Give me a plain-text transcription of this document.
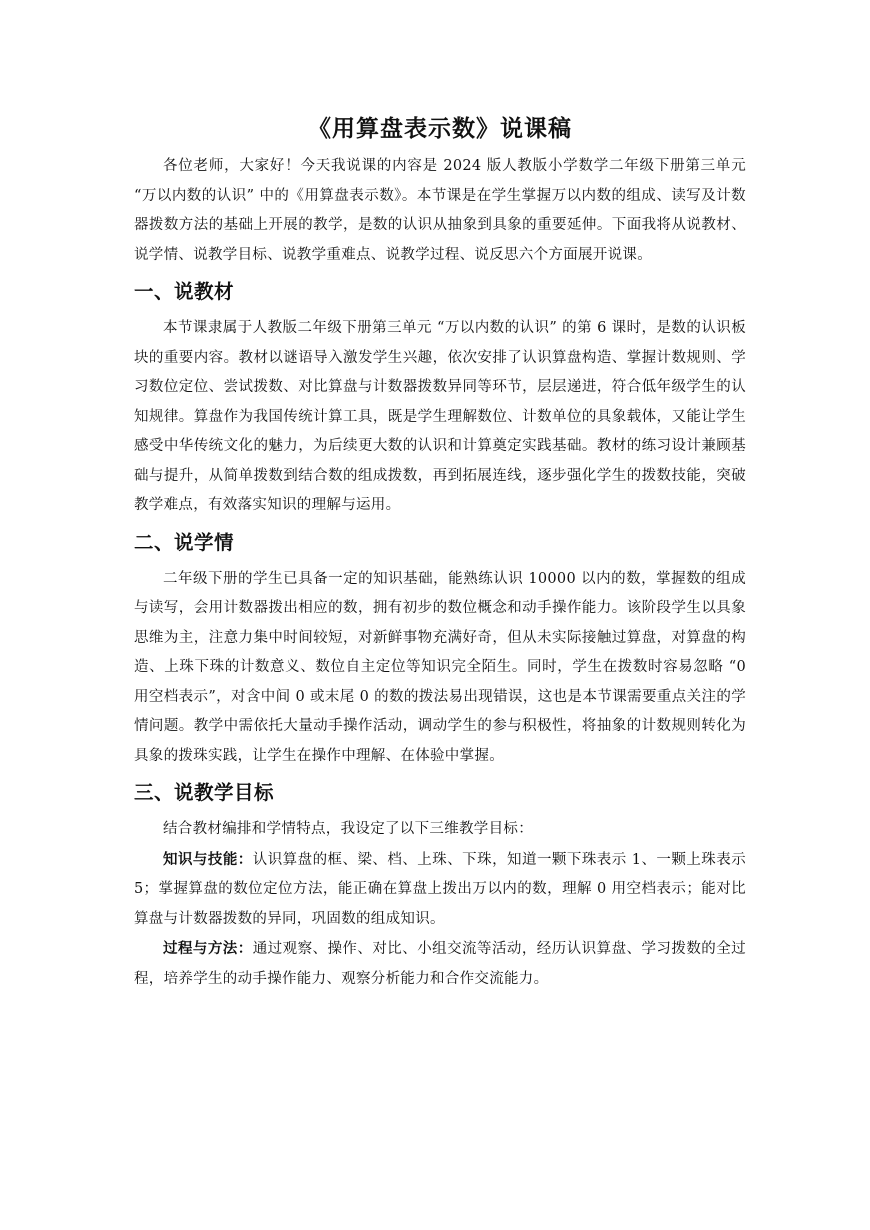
《用算盘表示数》说课稿

各位老师，大家好！今天我说课的内容是 2024 版人教版小学数学二年级下册第三单元 “万以内数的认识” 中的《用算盘表示数》。本节课是在学生掌握万以内数的组成、读写及计数器拨数方法的基础上开展的教学，是数的认识从抽象到具象的重要延伸。下面我将从说教材、说学情、说教学目标、说教学重难点、说教学过程、说反思六个方面展开说课。

一、说教材

本节课隶属于人教版二年级下册第三单元 “万以内数的认识” 的第 6 课时，是数的认识板块的重要内容。教材以谜语导入激发学生兴趣，依次安排了认识算盘构造、掌握计数规则、学习数位定位、尝试拨数、对比算盘与计数器拨数异同等环节，层层递进，符合低年级学生的认知规律。算盘作为我国传统计算工具，既是学生理解数位、计数单位的具象载体，又能让学生感受中华传统文化的魅力，为后续更大数的认识和计算奠定实践基础。教材的练习设计兼顾基础与提升，从简单拨数到结合数的组成拨数，再到拓展连线，逐步强化学生的拨数技能，突破教学难点，有效落实知识的理解与运用。

二、说学情

二年级下册的学生已具备一定的知识基础，能熟练认识 10000 以内的数，掌握数的组成与读写，会用计数器拨出相应的数，拥有初步的数位概念和动手操作能力。该阶段学生以具象思维为主，注意力集中时间较短，对新鲜事物充满好奇，但从未实际接触过算盘，对算盘的构造、上珠下珠的计数意义、数位自主定位等知识完全陌生。同时，学生在拨数时容易忽略 “0 用空档表示”，对含中间 0 或末尾 0 的数的拨法易出现错误，这也是本节课需要重点关注的学情问题。教学中需依托大量动手操作活动，调动学生的参与积极性，将抽象的计数规则转化为具象的拨珠实践，让学生在操作中理解、在体验中掌握。

三、说教学目标

结合教材编排和学情特点，我设定了以下三维教学目标：

知识与技能：认识算盘的框、梁、档、上珠、下珠，知道一颗下珠表示 1、一颗上珠表示 5；掌握算盘的数位定位方法，能正确在算盘上拨出万以内的数，理解 0 用空档表示；能对比算盘与计数器拨数的异同，巩固数的组成知识。

过程与方法：通过观察、操作、对比、小组交流等活动，经历认识算盘、学习拨数的全过程，培养学生的动手操作能力、观察分析能力和合作交流能力。
